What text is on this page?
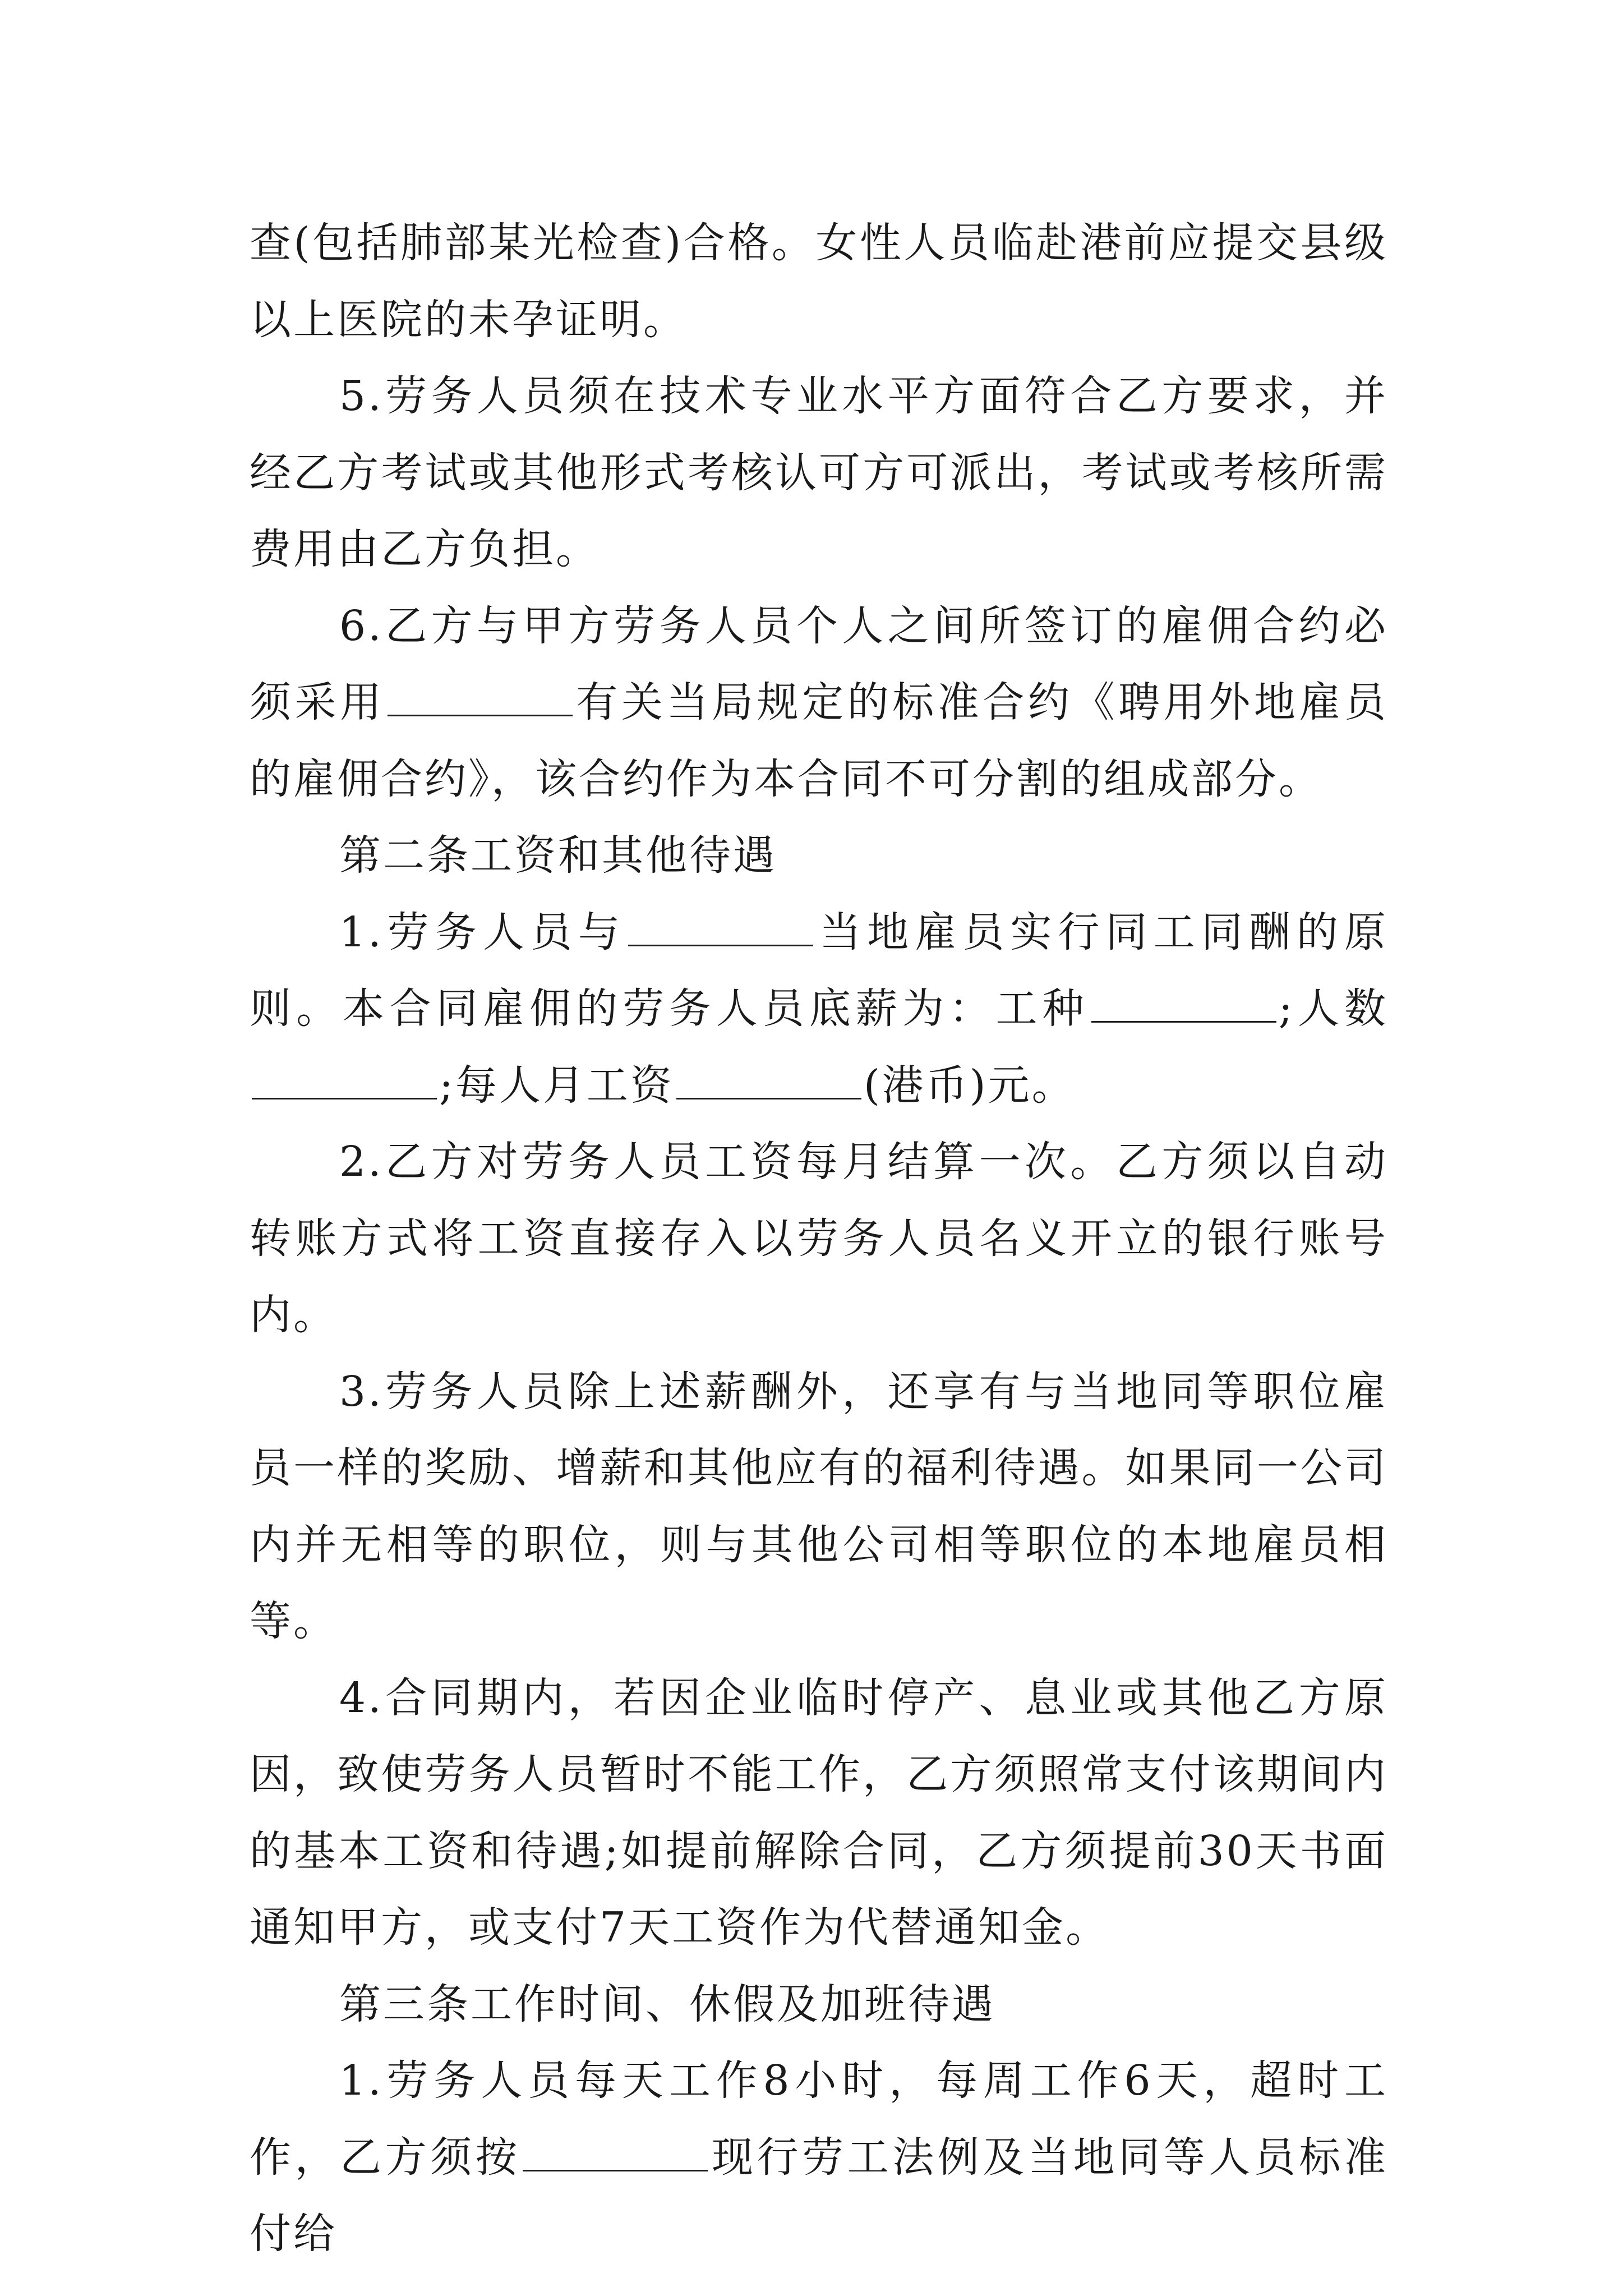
查(包括肺部某光检查)合格。女性人员临赴港前应提交县级以上医院的未孕证明。

5.劳务人员须在技术专业水平方面符合乙方要求，并经乙方考试或其他形式考核认可方可派出，考试或考核所需费用由乙方负担。

6.乙方与甲方劳务人员个人之间所签订的雇佣合约必须采用	有关当局规定的标准合约《聘用外地雇员的雇佣合约》，该合约作为本合同不可分割的组成部分。

第二条工资和其他待遇

1.劳务人员与	当地雇员实行同工同酬的原则。本合同雇佣的劳务人员底薪为：工种	;人数;每人月工资	(港币)元。

2.乙方对劳务人员工资每月结算一次。乙方须以自动转账方式将工资直接存入以劳务人员名义开立的银行账号内。

3.劳务人员除上述薪酬外，还享有与当地同等职位雇员一样的奖励、增薪和其他应有的福利待遇。如果同一公司内并无相等的职位，则与其他公司相等职位的本地雇员相等。

4.合同期内，若因企业临时停产、息业或其他乙方原因，致使劳务人员暂时不能工作，乙方须照常支付该期间内的基本工资和待遇;如提前解除合同，乙方须提前30天书面通知甲方，或支付7天工资作为代替通知金。

第三条工作时间、休假及加班待遇

1.劳务人员每天工作8小时，每周工作6天，超时工作，乙方须按	现行劳工法例及当地同等人员标准付给
